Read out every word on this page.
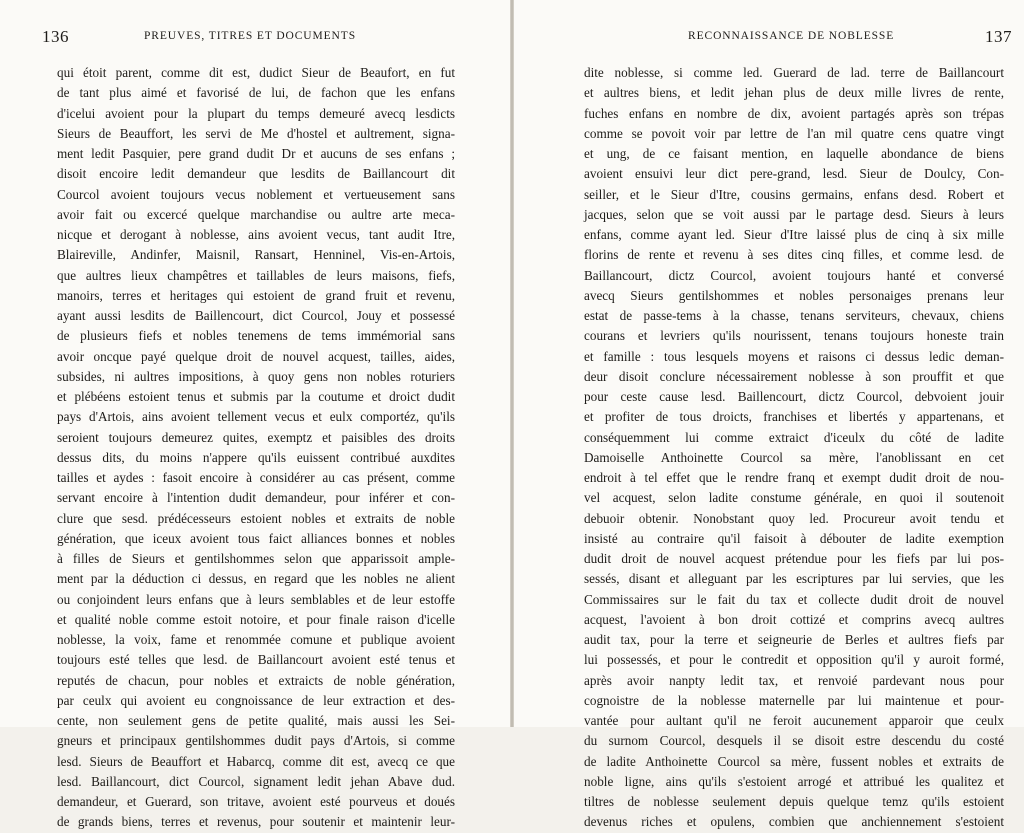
136	PREUVES, TITRES ET DOCUMENTS
qui étoit parent, comme dit est, dudict Sieur de Beaufort, en fut
de tant plus aimé et favorisé de lui, de fachon que les enfans
d'icelui avoient pour la plupart du temps demeuré avecq lesdicts
Sieurs de Beauffort, les servi de Me d'hostel et aultrement, signa-
ment ledit Pasquier, pere grand dudit Dr et aucuns de ses enfans ;
disoit encoire ledit demandeur que lesdits de Baillancourt dit
Courcol avoient toujours vecus noblement et vertueusement sans
avoir fait ou excercé quelque marchandise ou aultre arte meca-
nicque et derogant à noblesse, ains avoient vecus, tant audit Itre,
Blaireville, Andinfer, Maisnil, Ransart, Henninel, Vis-en-Artois,
que aultres lieux champêtres et taillables de leurs maisons, fiefs,
manoirs, terres et heritages qui estoient de grand fruit et revenu,
ayant aussi lesdits de Baillencourt, dict Courcol, Jouy et possessé
de plusieurs fiefs et nobles tenemens de tems immémorial sans
avoir oncque payé quelque droit de nouvel acquest, tailles, aides,
subsides, ni aultres impositions, à quoy gens non nobles roturiers
et plébéens estoient tenus et submis par la coutume et droict dudit
pays d'Artois, ains avoient tellement vecus et eulx comportéz, qu'ils
seroient toujours demeurez quites, exemptz et paisibles des droits
dessus dits, du moins n'appere qu'ils euissent contribué auxdites
tailles et aydes : fasoit encoire à considérer au cas présent, comme
servant encoire à l'intention dudit demandeur, pour inférer et con-
clure que sesd. prédécesseurs estoient nobles et extraits de noble
génération, que iceux avoient tous faict alliances bonnes et nobles
à filles de Sieurs et gentilshommes selon que apparissoit ample-
ment par la déduction ci dessus, en regard que les nobles ne alient
ou conjoindent leurs enfans que à leurs semblables et de leur estoffe
et qualité noble comme estoit notoire, et pour finale raison d'icelle
noblesse, la voix, fame et renommée comune et publique avoient
toujours esté telles que lesd. de Baillancourt avoient esté tenus et
reputés de chacun, pour nobles et extraicts de noble génération,
par ceulx qui avoient eu congnoissance de leur extraction et des-
cente, non seulement gens de petite qualité, mais aussi les Sei-
gneurs et principaux gentilshommes dudit pays d'Artois, si comme
lesd. Sieurs de Beauffort et Habarcq, comme dit est, avecq ce que
lesd. Baillancourt, dict Courcol, signament ledit jehan Abave dud.
demandeur, et Guerard, son tritave, avoient esté pourveus et doués
de grands biens, terres et revenus, pour soutenir et maintenir leur-
RECONNAISSANCE DE NOBLESSE	137
dite noblesse, si comme led. Guerard de lad. terre de Baillancourt
et aultres biens, et ledit jehan plus de deux mille livres de rente,
fuches enfans en nombre de dix, avoient partagés après son trépas
comme se povoit voir par lettre de l'an mil quatre cens quatre vingt
et ung, de ce faisant mention, en laquelle abondance de biens
avoient ensuivi leur dict pere-grand, lesd. Sieur de Doulcy, Con-
seiller, et le Sieur d'Itre, cousins germains, enfans desd. Robert et
jacques, selon que se voit aussi par le partage desd. Sieurs à leurs
enfans, comme ayant led. Sieur d'Itre laissé plus de cinq à six mille
florins de rente et revenu à ses dites cinq filles, et comme lesd. de
Baillancourt, dictz Courcol, avoient toujours hanté et conversé
avecq Sieurs gentilshommes et nobles personaiges prenans leur
estat de passe-tems à la chasse, tenans serviteurs, chevaux, chiens
courans et levriers qu'ils nourissent, tenans toujours honeste train
et famille : tous lesquels moyens et raisons ci dessus ledic deman-
deur disoit conclure nécessairement noblesse à son prouffit et que
pour ceste cause lesd. Baillencourt, dictz Courcol, debvoient jouir
et profiter de tous droicts, franchises et libertés y appartenans, et
conséquemment lui comme extraict d'iceulx du côté de ladite
Damoiselle Anthoinette Courcol sa mère, l'anoblissant en cet
endroit à tel effet que le rendre franq et exempt dudit droit de nou-
vel acquest, selon ladite constume générale, en quoi il soutenoit
debuoir obtenir. Nonobstant quoy led. Procureur avoit tendu et
insisté au contraire qu'il faisoit à débouter de ladite exemption
dudit droit de nouvel acquest prétendue pour les fiefs par lui pos-
sessés, disant et alleguant par les escriptures par lui servies, que les
Commissaires sur le fait du tax et collecte dudit droit de nouvel
acquest, l'avoient à bon droit cottizé et comprins avecq aultres
audit tax, pour la terre et seigneurie de Berles et aultres fiefs par
lui possessés, et pour le contredit et opposition qu'il y auroit formé,
après avoir nanpty ledit tax, et renvoié pardevant nous pour
cognoistre de la noblesse maternelle par lui maintenue et pour-
vantée pour aultant qu'il ne feroit aucunement apparoir que ceulx
du surnom Courcol, desquels il se disoit estre descendu du costé
de ladite Anthoinette Courcol sa mère, fussent nobles et extraits de
noble ligne, ains qu'ils s'estoient arrogé et attribué les qualitez et
tiltres de noblesse seulement depuis quelque temz qu'ils estoient
devenus riches et opulens, combien que anchiennement s'estoient
